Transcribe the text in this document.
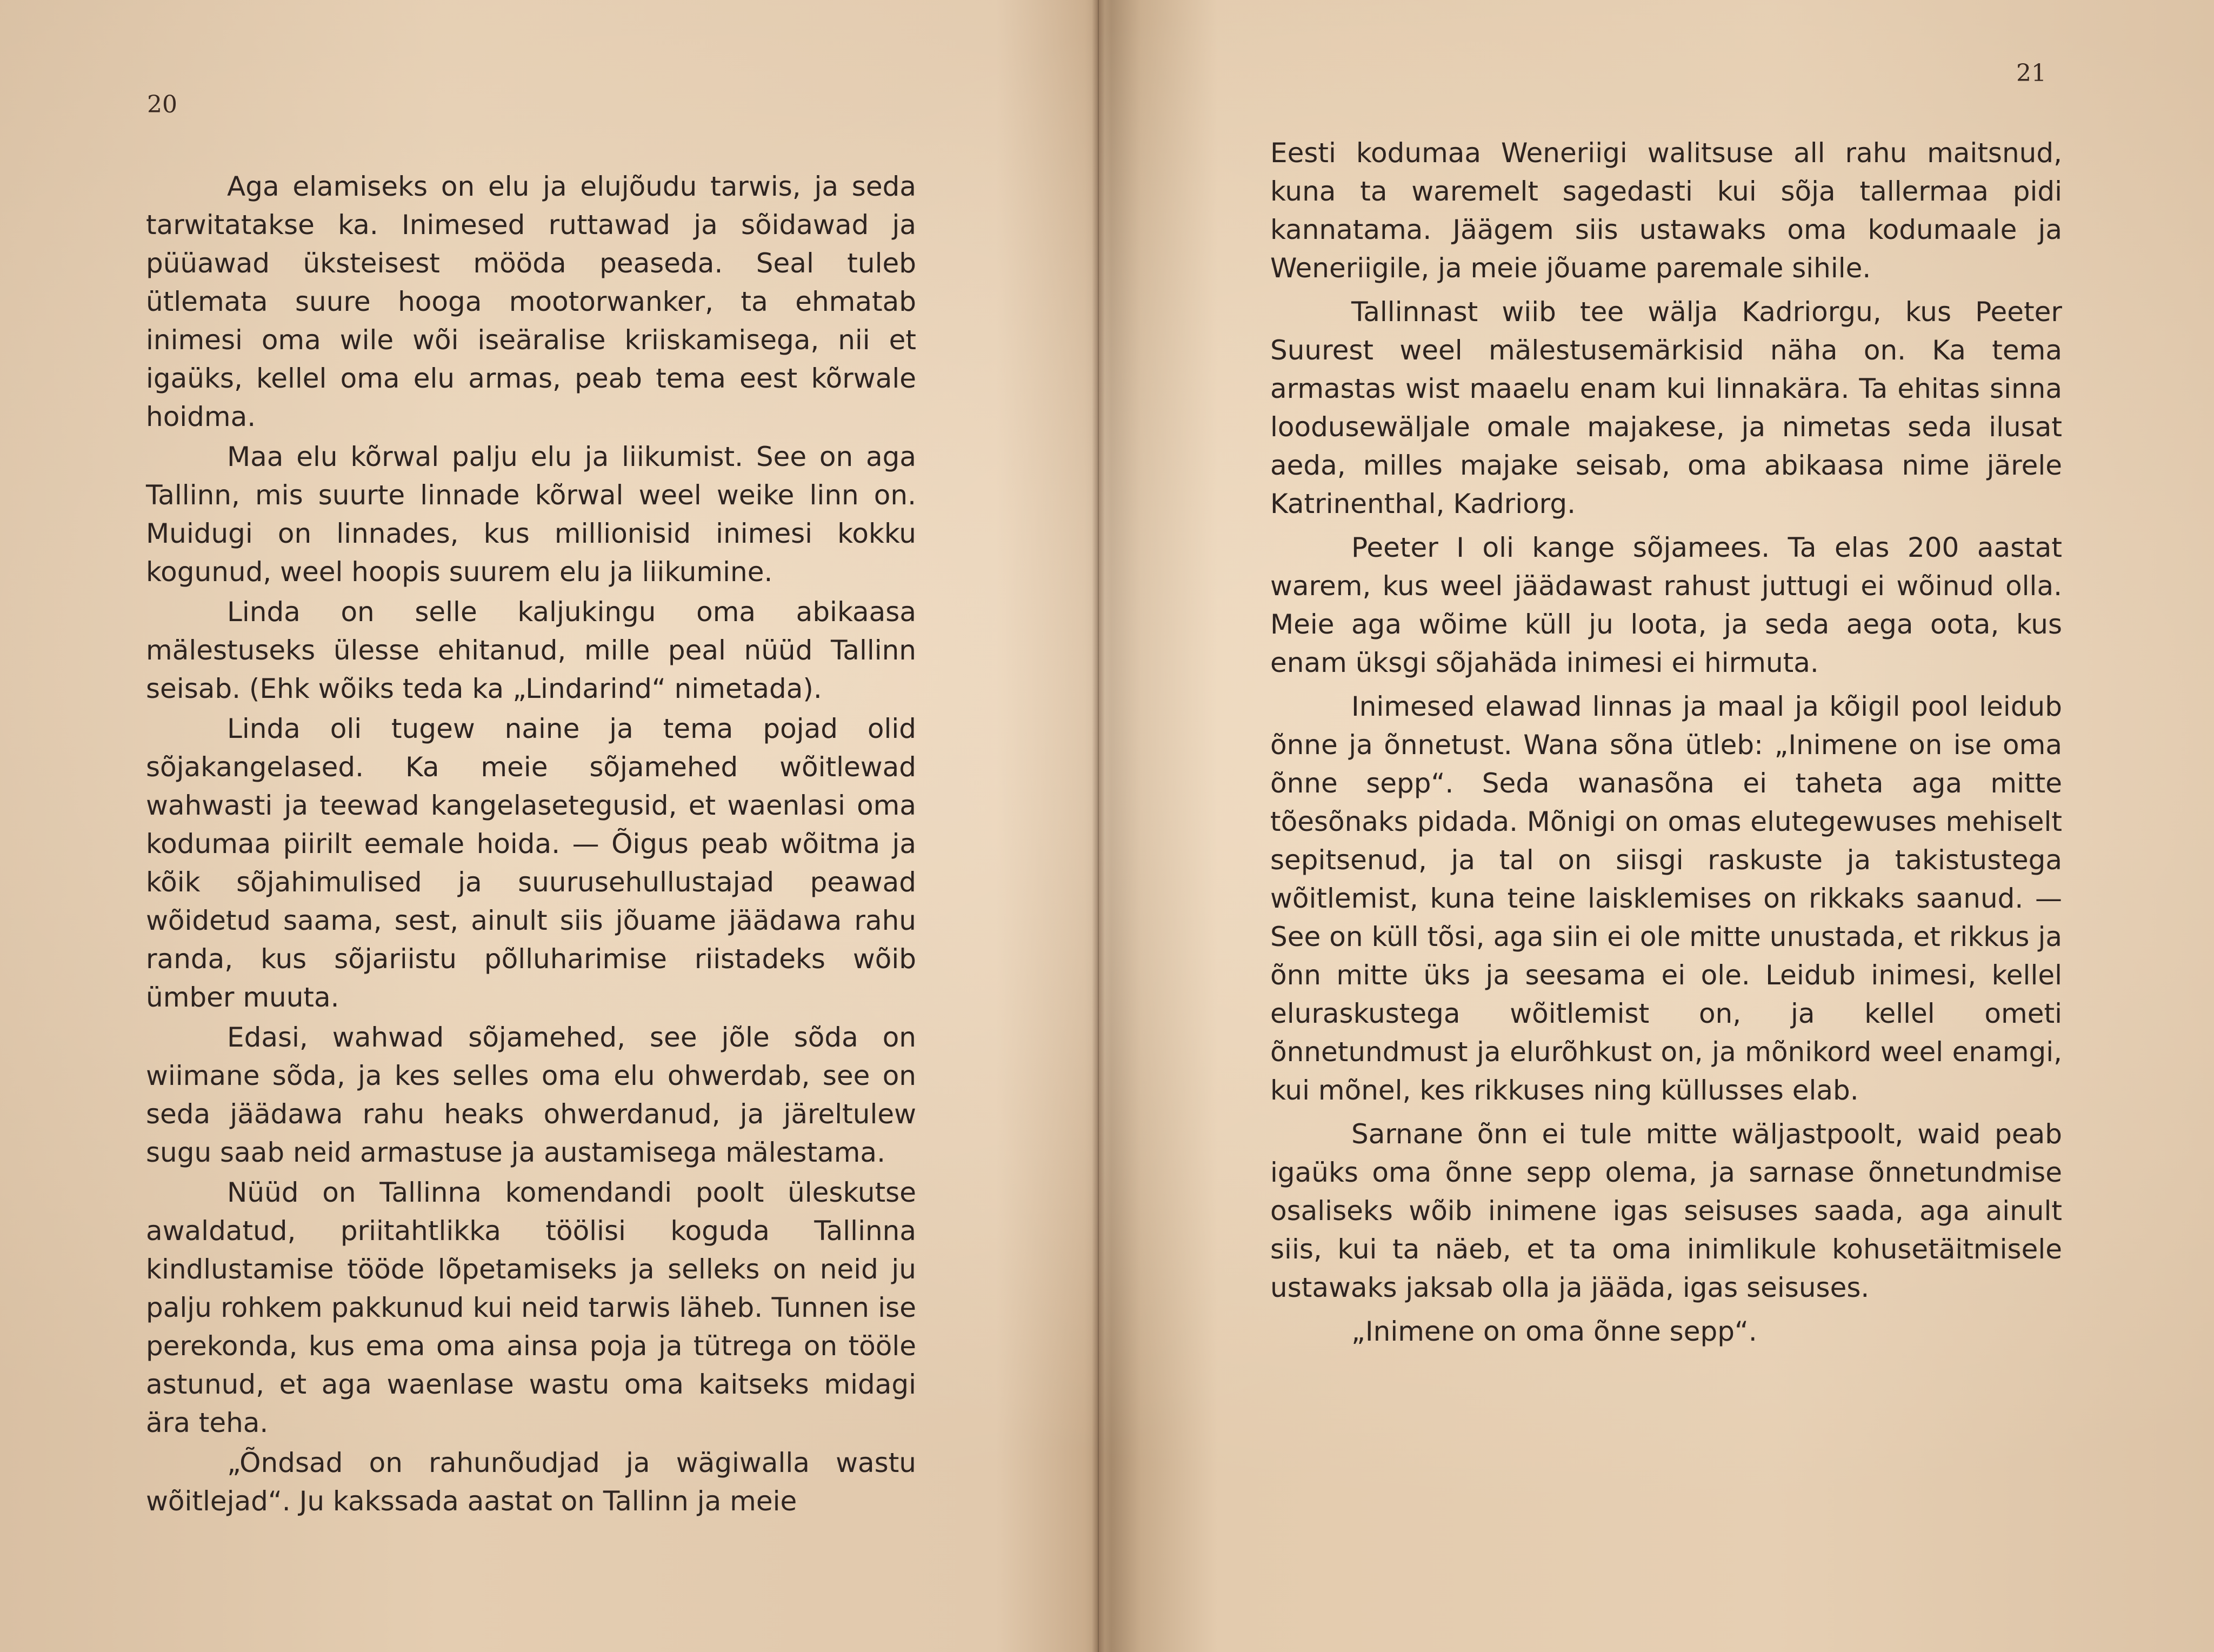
20

Aga elamiseks on elu ja elujõudu tarwis, ja seda tarwitatakse ka. Inimesed ruttawad ja sõidawad ja püüawad üksteisest mööda peaseda. Seal tuleb ütlemata suure hooga mootorwanker, ta ehmatab inimesi oma wile wõi iseäralise kriiskamisega, nii et igaüks, kellel oma elu armas, peab tema eest kõrwale hoidma.

Maa elu kõrwal palju elu ja liikumist. See on aga Tallinn, mis suurte linnade kõrwal weel weike linn on. Muidugi on linnades, kus millionisid inimesi kokku kogunud, weel hoopis suurem elu ja liikumine.

Linda on selle kaljukingu oma abikaasa mälestuseks ülesse ehitanud, mille peal nüüd Tallinn seisab. (Ehk wõiks teda ka „Lindarind“ nimetada).

Linda oli tugew naine ja tema pojad olid sõjakangelased. Ka meie sõjamehed wõitlewad wahwasti ja teewad kangelasetegusid, et waenlasi oma kodumaa piirilt eemale hoida. — Õigus peab wõitma ja kõik sõjahimulised ja suurusehullustajad peawad wõidetud saama, sest, ainult siis jõuame jäädawa rahu randa, kus sõjariistu põlluharimise riistadeks wõib ümber muuta.

Edasi, wahwad sõjamehed, see jõle sõda on wiimane sõda, ja kes selles oma elu ohwerdab, see on seda jäädawa rahu heaks ohwerdanud, ja järeltulew sugu saab neid armastuse ja austamisega mälestama.

Nüüd on Tallinna komendandi poolt üleskutse awaldatud, priitahtlikka töölisi koguda Tallinna kindlustamise tööde lõpetamiseks ja selleks on neid ju palju rohkem pakkunud kui neid tarwis läheb. Tunnen ise perekonda, kus ema oma ainsa poja ja tütrega on tööle astunud, et aga waenlase wastu oma kaitseks midagi ära teha.

„Õndsad on rahunõudjad ja wägiwalla wastu wõitlejad“. Ju kakssada aastat on Tallinn ja meie

21

Eesti kodumaa Weneriigi walitsuse all rahu maitsnud, kuna ta waremelt sagedasti kui sõja tallermaa pidi kannatama. Jäägem siis ustawaks oma kodumaale ja Weneriigile, ja meie jõuame paremale sihile.

Tallinnast wiib tee wälja Kadriorgu, kus Peeter Suurest weel mälestusemärkisid näha on. Ka tema armastas wist maaelu enam kui linnakära. Ta ehitas sinna loodusewäljale omale majakese, ja nimetas seda ilusat aeda, milles majake seisab, oma abikaasa nime järele Katrinenthal, Kadriorg.

Peeter I oli kange sõjamees. Ta elas 200 aastat warem, kus weel jäädawast rahust juttugi ei wõinud olla. Meie aga wõime küll ju loota, ja seda aega oota, kus enam üksgi sõjahäda inimesi ei hirmuta.

Inimesed elawad linnas ja maal ja kõigil pool leidub õnne ja õnnetust. Wana sõna ütleb: „Inimene on ise oma õnne sepp“. Seda wanasõna ei taheta aga mitte tõesõnaks pidada. Mõnigi on omas elutegewuses mehiselt sepitsenud, ja tal on siisgi raskuste ja takistustega wõitlemist, kuna teine laisklemises on rikkaks saanud. — See on küll tõsi, aga siin ei ole mitte unustada, et rikkus ja õnn mitte üks ja seesama ei ole. Leidub inimesi, kellel eluraskustega wõitlemist on, ja kellel ometi õnnetundmust ja elurõhkust on, ja mõnikord weel enamgi, kui mõnel, kes rikkuses ning küllusses elab.

Sarnane õnn ei tule mitte wäljastpoolt, waid peab igaüks oma õnne sepp olema, ja sarnase õnnetundmise osaliseks wõib inimene igas seisuses saada, aga ainult siis, kui ta näeb, et ta oma inimlikule kohusetäitmisele ustawaks jaksab olla ja jääda, igas seisuses.

„Inimene on oma õnne sepp“.
